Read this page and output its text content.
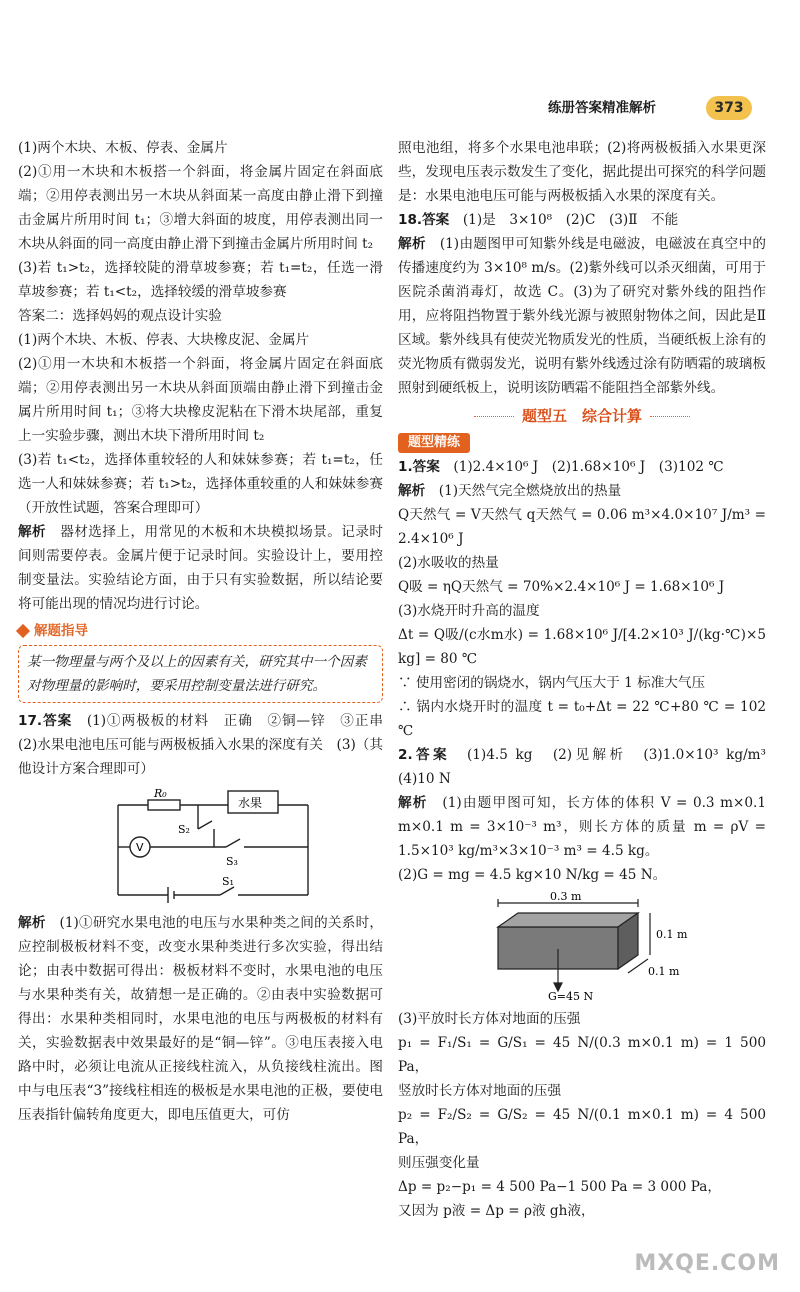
练册答案精准解析	373

(1)两个木块、木板、停表、金属片

(2)①用一木块和木板搭一个斜面，将金属片固定在斜面底端；②用停表测出另一木块从斜面某一高度由静止滑下到撞击金属片所用时间 t₁；③增大斜面的坡度，用停表测出同一木块从斜面的同一高度由静止滑下到撞击金属片所用时间 t₂

(3)若 t₁>t₂，选择较陡的滑草坡参赛；若 t₁=t₂，任选一滑草坡参赛；若 t₁<t₂，选择较缓的滑草坡参赛

答案二：选择妈妈的观点设计实验

(1)两个木块、木板、停表、大块橡皮泥、金属片

(2)①用一木块和木板搭一个斜面，将金属片固定在斜面底端；②用停表测出另一木块从斜面顶端由静止滑下到撞击金属片所用时间 t₁；③将大块橡皮泥粘在下滑木块尾部，重复上一实验步骤，测出木块下滑所用时间 t₂

(3)若 t₁<t₂，选择体重较轻的人和妹妹参赛；若 t₁=t₂，任选一人和妹妹参赛；若 t₁>t₂，选择体重较重的人和妹妹参赛（开放性试题，答案合理即可）

解析　 器材选择上，用常见的木板和木块模拟场景。记录时间则需要停表。金属片便于记录时间。实验设计上，要用控制变量法。实验结论方面，由于只有实验数据，所以结论要将可能出现的情况均进行讨论。

解题指导
某一物理量与两个及以上的因素有关，研究其中一个因素对物理量的影响时，要采用控制变量法进行研究。

17.答案　 (1)①两极板的材料　正确　②铜—锌　③正串　(2)水果电池电压可能与两极板插入水果的深度有关　(3)（其他设计方案合理即可）

R₀
水果
S₂
V
S₃
S₁

解析　 (1)①研究水果电池的电压与水果种类之间的关系时，应控制极板材料不变，改变水果种类进行多次实验，得出结论；由表中数据可得出：极板材料不变时，水果电池的电压与水果种类有关，故猜想一是正确的。②由表中实验数据可得出：水果种类相同时，水果电池的电压与两极板的材料有关，实验数据表中效果最好的是“铜—锌”。③电压表接入电路中时，必须让电流从正接线柱流入，从负接线柱流出。图中与电压表“3”接线柱相连的极板是水果电池的正极，要使电压表指针偏转角度更大，即电压值更大，可仿

照电池组，将多个水果电池串联；(2)将两极板插入水果更深些，发现电压表示数发生了变化，据此提出可探究的科学问题是：水果电池电压可能与两极板插入水果的深度有关。

18.答案　 (1)是　3×10⁸　(2)C　(3)Ⅱ　不能

解析　 (1)由题图甲可知紫外线是电磁波，电磁波在真空中的传播速度约为 3×10⁸ m/s。(2)紫外线可以杀灭细菌，可用于医院杀菌消毒灯，故选 C。(3)为了研究对紫外线的阻挡作用，应将阻挡物置于紫外线光源与被照射物体之间，因此是Ⅱ区域。紫外线具有使荧光物质发光的性质，当硬纸板上涂有的荧光物质有微弱发光，说明有紫外线透过涂有防晒霜的玻璃板照射到硬纸板上，说明该防晒霜不能阻挡全部紫外线。

题型五　综合计算
题型精练

1.答案　 (1)2.4×10⁶ J　(2)1.68×10⁶ J　(3)102 ℃

解析　 (1)天然气完全燃烧放出的热量

Q天然气 = V天然气 q天然气 = 0.06 m³×4.0×10⁷ J/m³ = 2.4×10⁶ J

(2)水吸收的热量

Q吸 = ηQ天然气 = 70%×2.4×10⁶ J = 1.68×10⁶ J

(3)水烧开时升高的温度

Δt = Q吸/(c水m水) = 1.68×10⁶ J/[4.2×10³ J/(kg·℃)×5 kg] = 80 ℃

∵ 使用密闭的锅烧水，锅内气压大于 1 标准大气压

∴ 锅内水烧开时的温度 t = t₀+Δt = 22 ℃+80 ℃ = 102 ℃

2.答案　 (1)4.5 kg　(2)见解析　(3)1.0×10³ kg/m³　(4)10 N

解析　 (1)由题甲图可知，长方体的体积 V = 0.3 m×0.1 m×0.1 m = 3×10⁻³ m³，则长方体的质量 m = ρV = 1.5×10³ kg/m³×3×10⁻³ m³ = 4.5 kg。

(2)G = mg = 4.5 kg×10 N/kg = 45 N。

0.3 m
0.1 m
0.1 m
G=45 N

(3)平放时长方体对地面的压强

p₁ = F₁/S₁ = G/S₁ = 45 N/(0.3 m×0.1 m) = 1 500 Pa，

竖放时长方体对地面的压强

p₂ = F₂/S₂ = G/S₂ = 45 N/(0.1 m×0.1 m) = 4 500 Pa，

则压强变化量

Δp = p₂−p₁ = 4 500 Pa−1 500 Pa = 3 000 Pa，

又因为 p液 = Δp = ρ液 gh液，

MXQE.COM
